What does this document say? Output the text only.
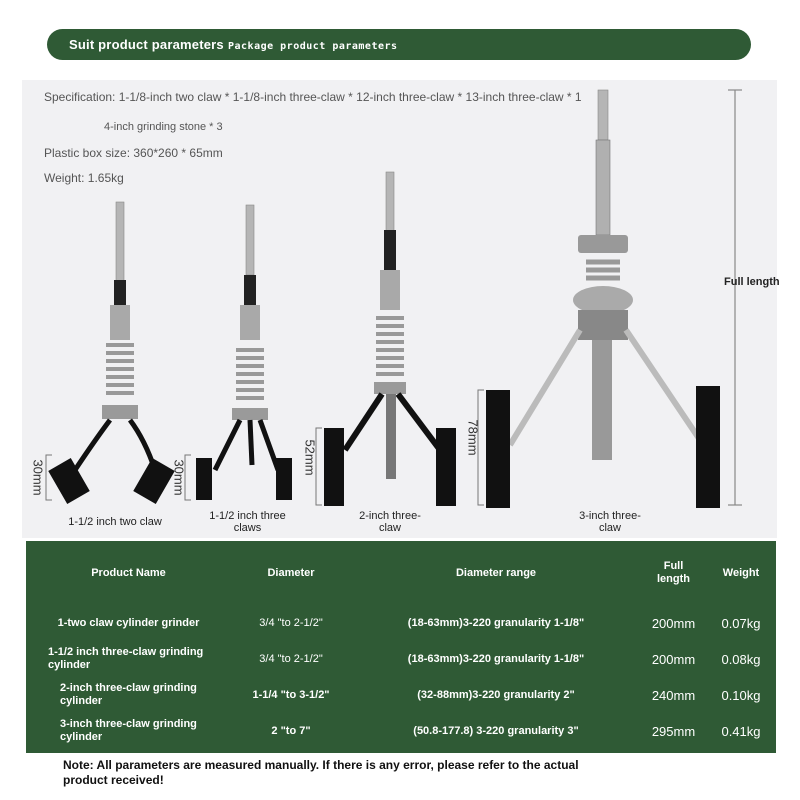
Suit product parameters Package product parameters
Specification: 1-1/8-inch two claw * 1-1/8-inch three-claw * 12-inch three-claw * 13-inch three-claw * 1
4-inch grinding stone * 3
Plastic box size: 360*260 * 65mm
Weight: 1.65kg
Full length
30mm	30mm
52mm
78mm
1-1/2 inch two claw	1-1/2 inch three claws
2-inch three-claw
3-inch three-claw
Product Name	Diameter	Diameter range	Full length	Weight
1-two claw cylinder grinder	3/4 "to 2-1/2"	(18-63mm)3-220 granularity 1-1/8"	200mm	0.07kg
1-1/2 inch three-claw grinding cylinder	3/4 "to 2-1/2"	(18-63mm)3-220 granularity 1-1/8"	200mm	0.08kg
2-inch three-claw grinding cylinder	1-1/4 "to 3-1/2"	(32-88mm)3-220 granularity 2"	240mm	0.10kg
3-inch three-claw grinding cylinder	2 "to 7"	(50.8-177.8) 3-220 granularity 3"	295mm	0.41kg
Note: All parameters are measured manually. If there is any error, please refer to the actual product received!
